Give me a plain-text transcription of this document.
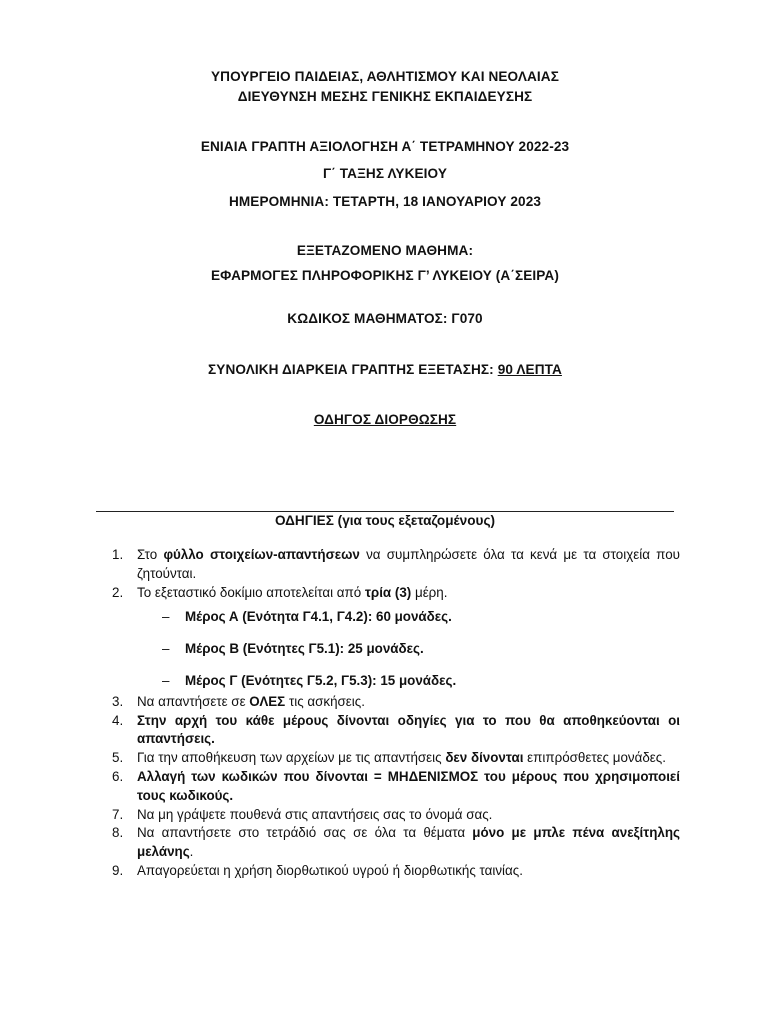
ΥΠΟΥΡΓΕΙΟ ΠΑΙΔΕΙΑΣ, ΑΘΛΗΤΙΣΜΟΥ ΚΑΙ ΝΕΟΛΑΙΑΣ
ΔΙΕΥΘΥΝΣΗ ΜΕΣΗΣ ΓΕΝΙΚΗΣ ΕΚΠΑΙΔΕΥΣΗΣ
ΕΝΙΑΙΑ ΓΡΑΠΤΗ ΑΞΙΟΛΟΓΗΣΗ Α΄ ΤΕΤΡΑΜΗΝΟΥ 2022-23
Γ΄ ΤΑΞΗΣ ΛΥΚΕΙΟΥ
ΗΜΕΡΟΜΗΝΙΑ: ΤΕΤΑΡΤΗ, 18 ΙΑΝΟΥΑΡΙΟΥ 2023
ΕΞΕΤΑΖΟΜΕΝΟ ΜΑΘΗΜΑ:
ΕΦΑΡΜΟΓΕΣ ΠΛΗΡΟΦΟΡΙΚΗΣ Γ’ ΛΥΚΕΙΟΥ (Α΄ΣΕΙΡΑ)
ΚΩΔΙΚΟΣ ΜΑΘΗΜΑΤΟΣ: Γ070
ΣΥΝΟΛΙΚΗ ΔΙΑΡΚΕΙΑ ΓΡΑΠΤΗΣ ΕΞΕΤΑΣΗΣ: 90 ΛΕΠΤΑ
ΟΔΗΓΟΣ ΔΙΟΡΘΩΣΗΣ
ΟΔΗΓΙΕΣ (για τους εξεταζομένους)
1. Στο φύλλο στοιχείων-απαντήσεων να συμπληρώσετε όλα τα κενά με τα στοιχεία που ζητούνται.
2. Το εξεταστικό δοκίμιο αποτελείται από τρία (3) μέρη.
– Μέρος Α (Ενότητα Γ4.1, Γ4.2): 60 μονάδες.
– Μέρος Β (Ενότητες Γ5.1): 25 μονάδες.
– Μέρος Γ (Ενότητες Γ5.2, Γ5.3): 15 μονάδες.
3. Να απαντήσετε σε ΟΛΕΣ τις ασκήσεις.
4. Στην αρχή του κάθε μέρους δίνονται οδηγίες για το που θα αποθηκεύονται οι απαντήσεις.
5. Για την αποθήκευση των αρχείων με τις απαντήσεις δεν δίνονται επιπρόσθετες μονάδες.
6. Αλλαγή των κωδικών που δίνονται = ΜΗΔΕΝΙΣΜΟΣ του μέρους που χρησιμοποιεί τους κωδικούς.
7. Να μη γράψετε πουθενά στις απαντήσεις σας το όνομά σας.
8. Να απαντήσετε στο τετράδιό σας σε όλα τα θέματα μόνο με μπλε πένα ανεξίτηλης μελάνης.
9. Απαγορεύεται η χρήση διορθωτικού υγρού ή διορθωτικής ταινίας.
